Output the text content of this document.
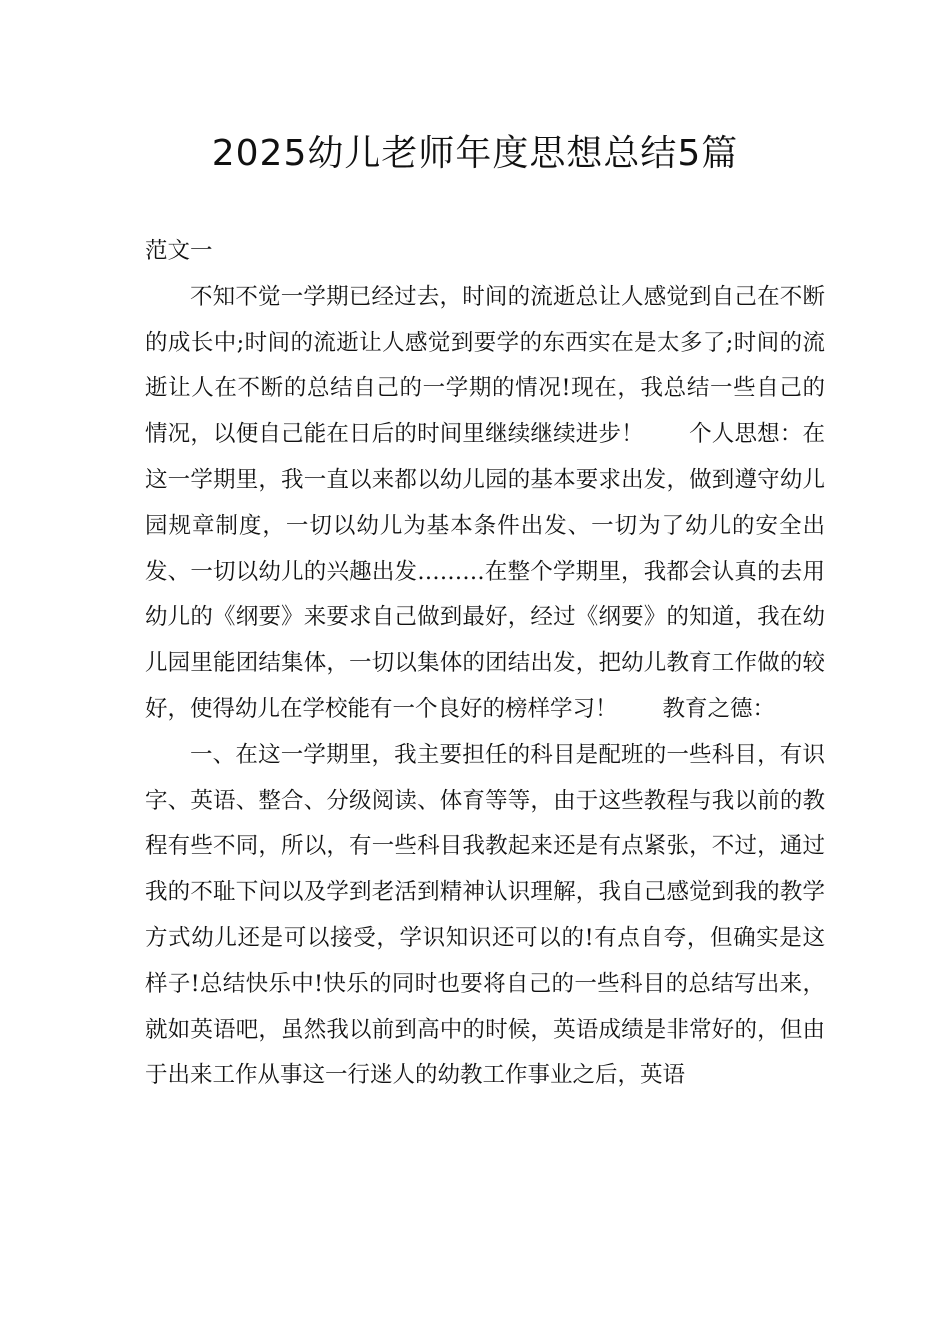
2025幼儿老师年度思想总结5篇

范文一

不知不觉一学期已经过去，时间的流逝总让人感觉到自己在不断的成长中;时间的流逝让人感觉到要学的东西实在是太多了;时间的流逝让人在不断的总结自己的一学期的情况!现在，我总结一些自己的情况，以便自己能在日后的时间里继续继续进步！　　个人思想：在这一学期里，我一直以来都以幼儿园的基本要求出发，做到遵守幼儿园规章制度，一切以幼儿为基本条件出发、一切为了幼儿的安全出发、一切以幼儿的兴趣出发………在整个学期里，我都会认真的去用幼儿的《纲要》来要求自己做到最好，经过《纲要》的知道，我在幼儿园里能团结集体，一切以集体的团结出发，把幼儿教育工作做的较好，使得幼儿在学校能有一个良好的榜样学习！　　教育之德：

一、在这一学期里，我主要担任的科目是配班的一些科目，有识字、英语、整合、分级阅读、体育等等，由于这些教程与我以前的教程有些不同，所以，有一些科目我教起来还是有点紧张，不过，通过我的不耻下问以及学到老活到精神认识理解，我自己感觉到我的教学方式幼儿还是可以接受，学识知识还可以的!有点自夸，但确实是这样子!总结快乐中!快乐的同时也要将自己的一些科目的总结写出来，就如英语吧，虽然我以前到高中的时候，英语成绩是非常好的，但由于出来工作从事这一行迷人的幼教工作事业之后，英语
